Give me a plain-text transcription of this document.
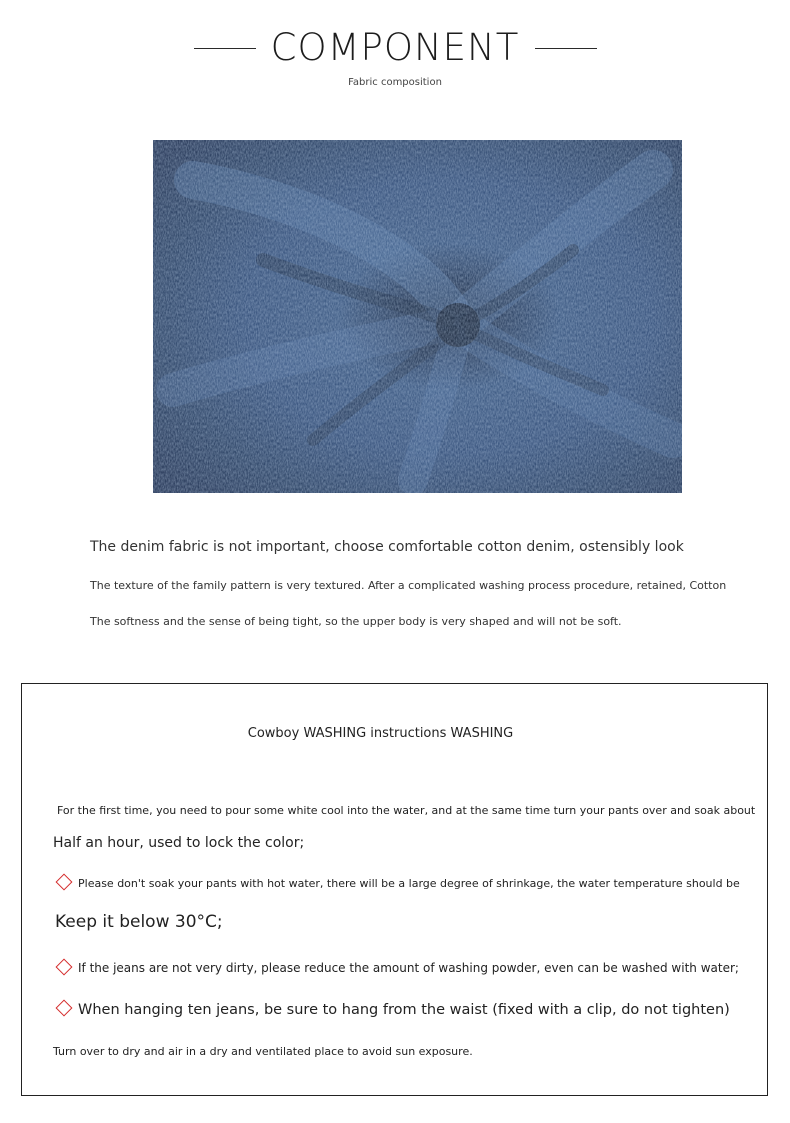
COMPONENT
Fabric composition
The denim fabric is not important, choose comfortable cotton denim, ostensibly look
The texture of the family pattern is very textured. After a complicated washing process procedure, retained, Cotton
The softness and the sense of being tight, so the upper body is very shaped and will not be soft.
Cowboy WASHING instructions WASHING
For the first time, you need to pour some white cool into the water, and at the same time turn your pants over and soak about
Half an hour, used to lock the color;
Please don't soak your pants with hot water, there will be a large degree of shrinkage, the water temperature should be
Keep it below 30°C;
If the jeans are not very dirty, please reduce the amount of washing powder, even can be washed with water;
When hanging ten jeans, be sure to hang from the waist (fixed with a clip, do not tighten)
Turn over to dry and air in a dry and ventilated place to avoid sun exposure.
